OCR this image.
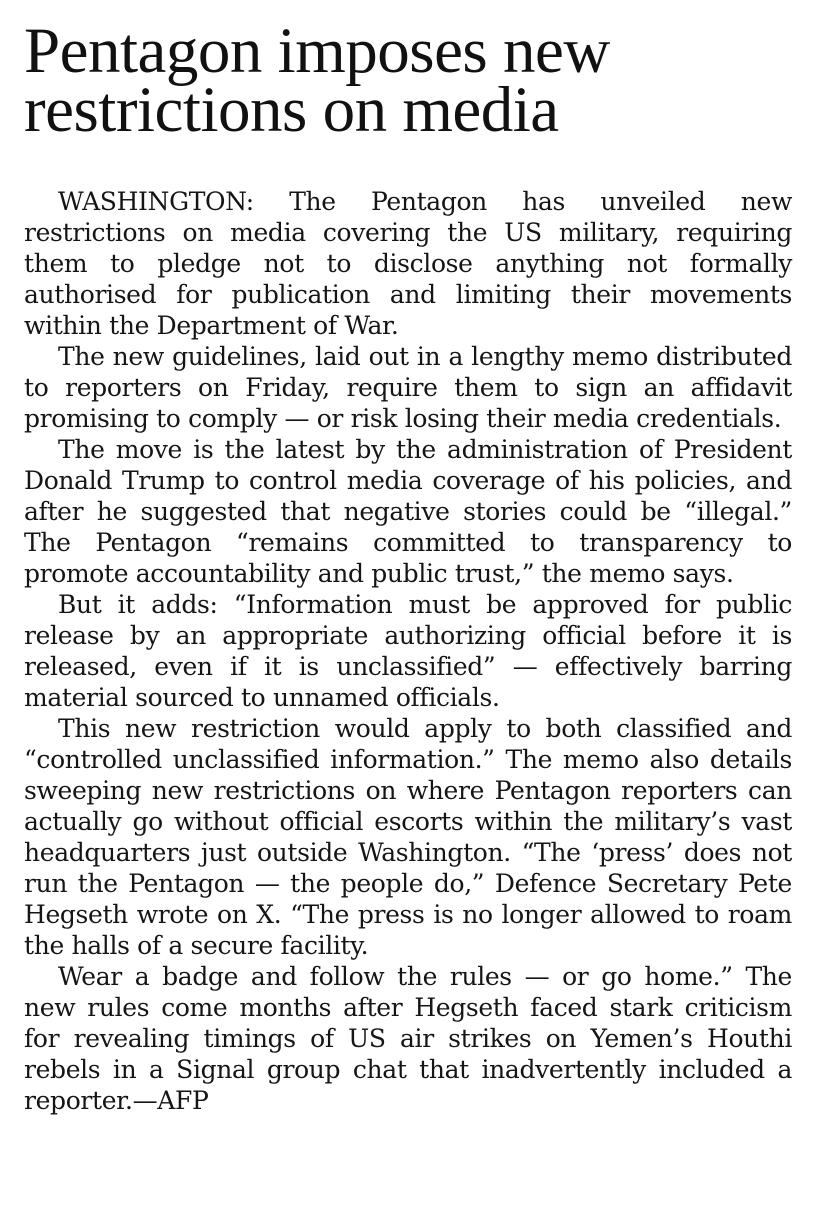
Pentagon imposes new
restrictions on media

WASHINGTON: The Pentagon has unveiled new restrictions on media covering the US military, requiring them to pledge not to disclose anything not formally authorised for publication and limiting their movements within the Department of War.

The new guidelines, laid out in a lengthy memo distributed to reporters on Friday, require them to sign an affidavit promising to comply — or risk losing their media credentials.

The move is the latest by the administration of President Donald Trump to control media coverage of his policies, and after he suggested that negative stories could be “illegal.” The Pentagon “remains committed to transparency to promote accountability and public trust,” the memo says.

But it adds: “Information must be approved for public release by an appropriate authorizing official before it is released, even if it is unclassified” — effectively barring material sourced to unnamed officials.

This new restriction would apply to both classified and “controlled unclassified information.” The memo also details sweeping new restrictions on where Pentagon reporters can actually go without official escorts within the military’s vast headquarters just outside Washington. “The ‘press’ does not run the Pentagon — the people do,” Defence Secretary Pete Hegseth wrote on X. “The press is no longer allowed to roam the halls of a secure facility.

Wear a badge and follow the rules — or go home.” The new rules come months after Hegseth faced stark criticism for revealing timings of US air strikes on Yemen’s Houthi rebels in a Signal group chat that inadvertently included a reporter.—AFP
